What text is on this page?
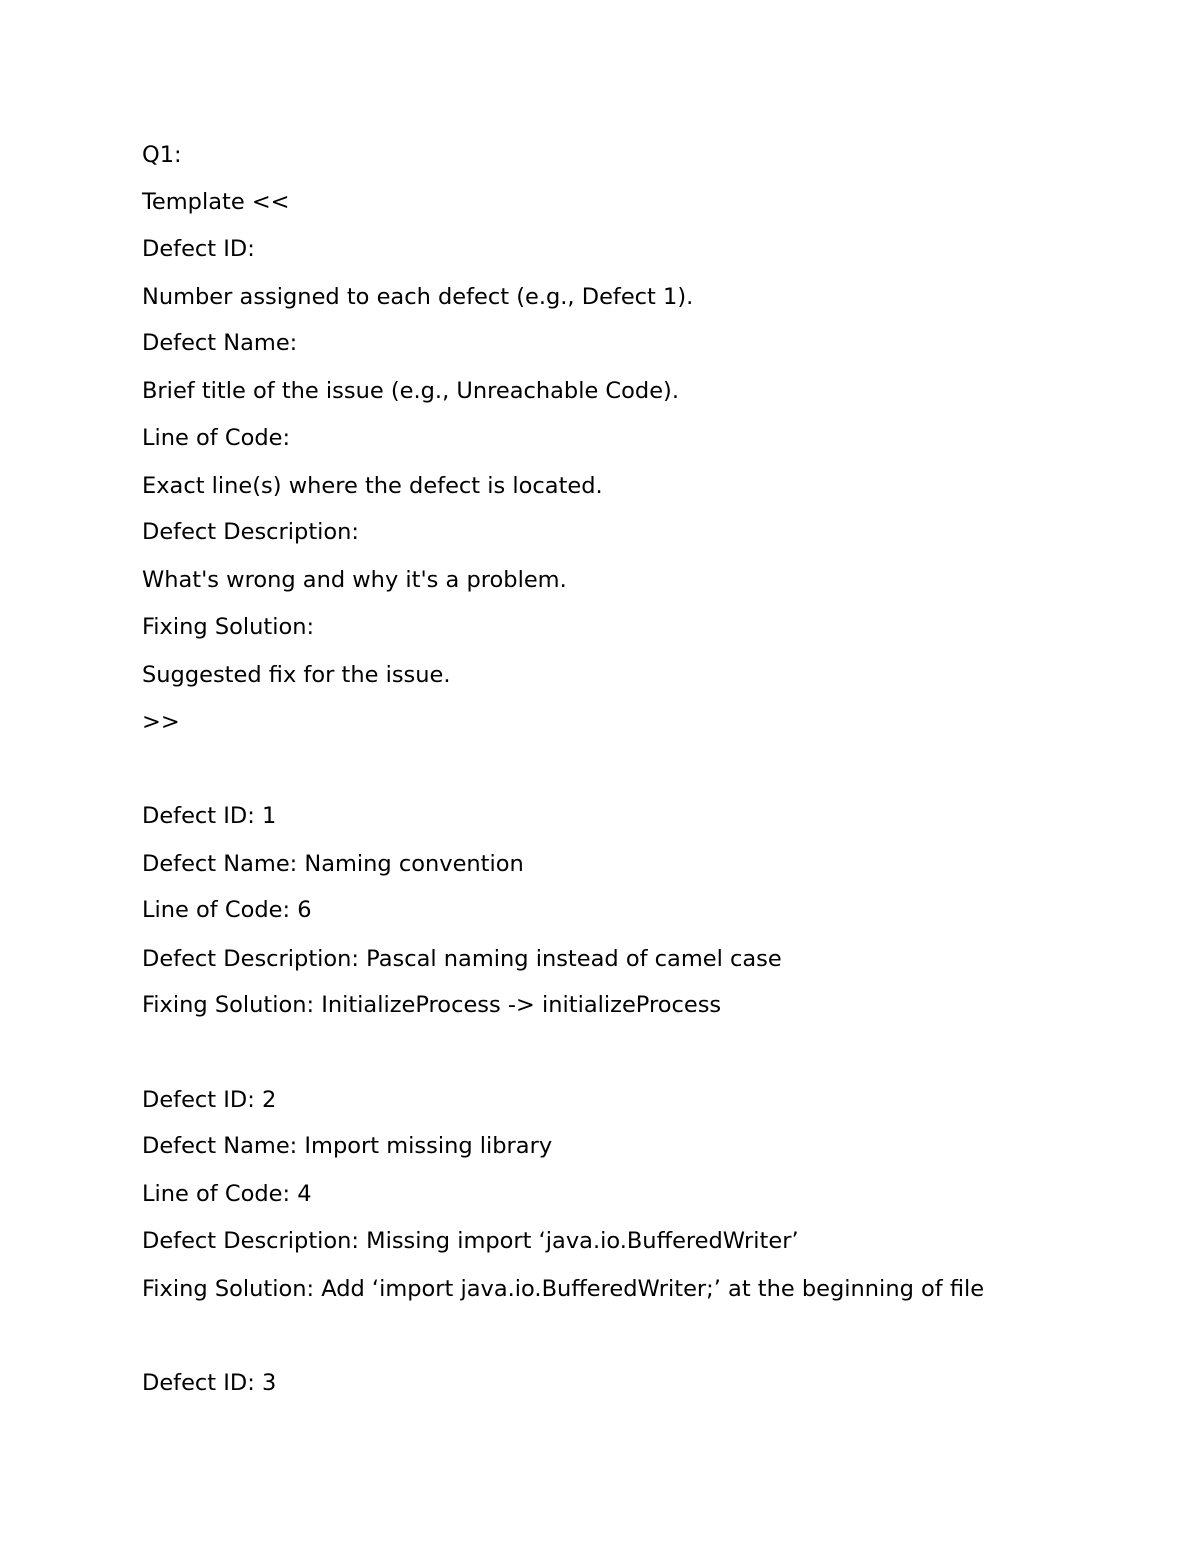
Q1:
Template <<
Defect ID:
Number assigned to each defect (e.g., Defect 1).
Defect Name:
Brief title of the issue (e.g., Unreachable Code).
Line of Code:
Exact line(s) where the defect is located.
Defect Description:
What's wrong and why it's a problem.
Fixing Solution:
Suggested fix for the issue.
>>
Defect ID: 1
Defect Name: Naming convention
Line of Code: 6
Defect Description: Pascal naming instead of camel case
Fixing Solution: InitializeProcess -> initializeProcess
Defect ID: 2
Defect Name: Import missing library
Line of Code: 4
Defect Description: Missing import ‘java.io.BufferedWriter’
Fixing Solution: Add ‘import java.io.BufferedWriter;’ at the beginning of file
Defect ID: 3
